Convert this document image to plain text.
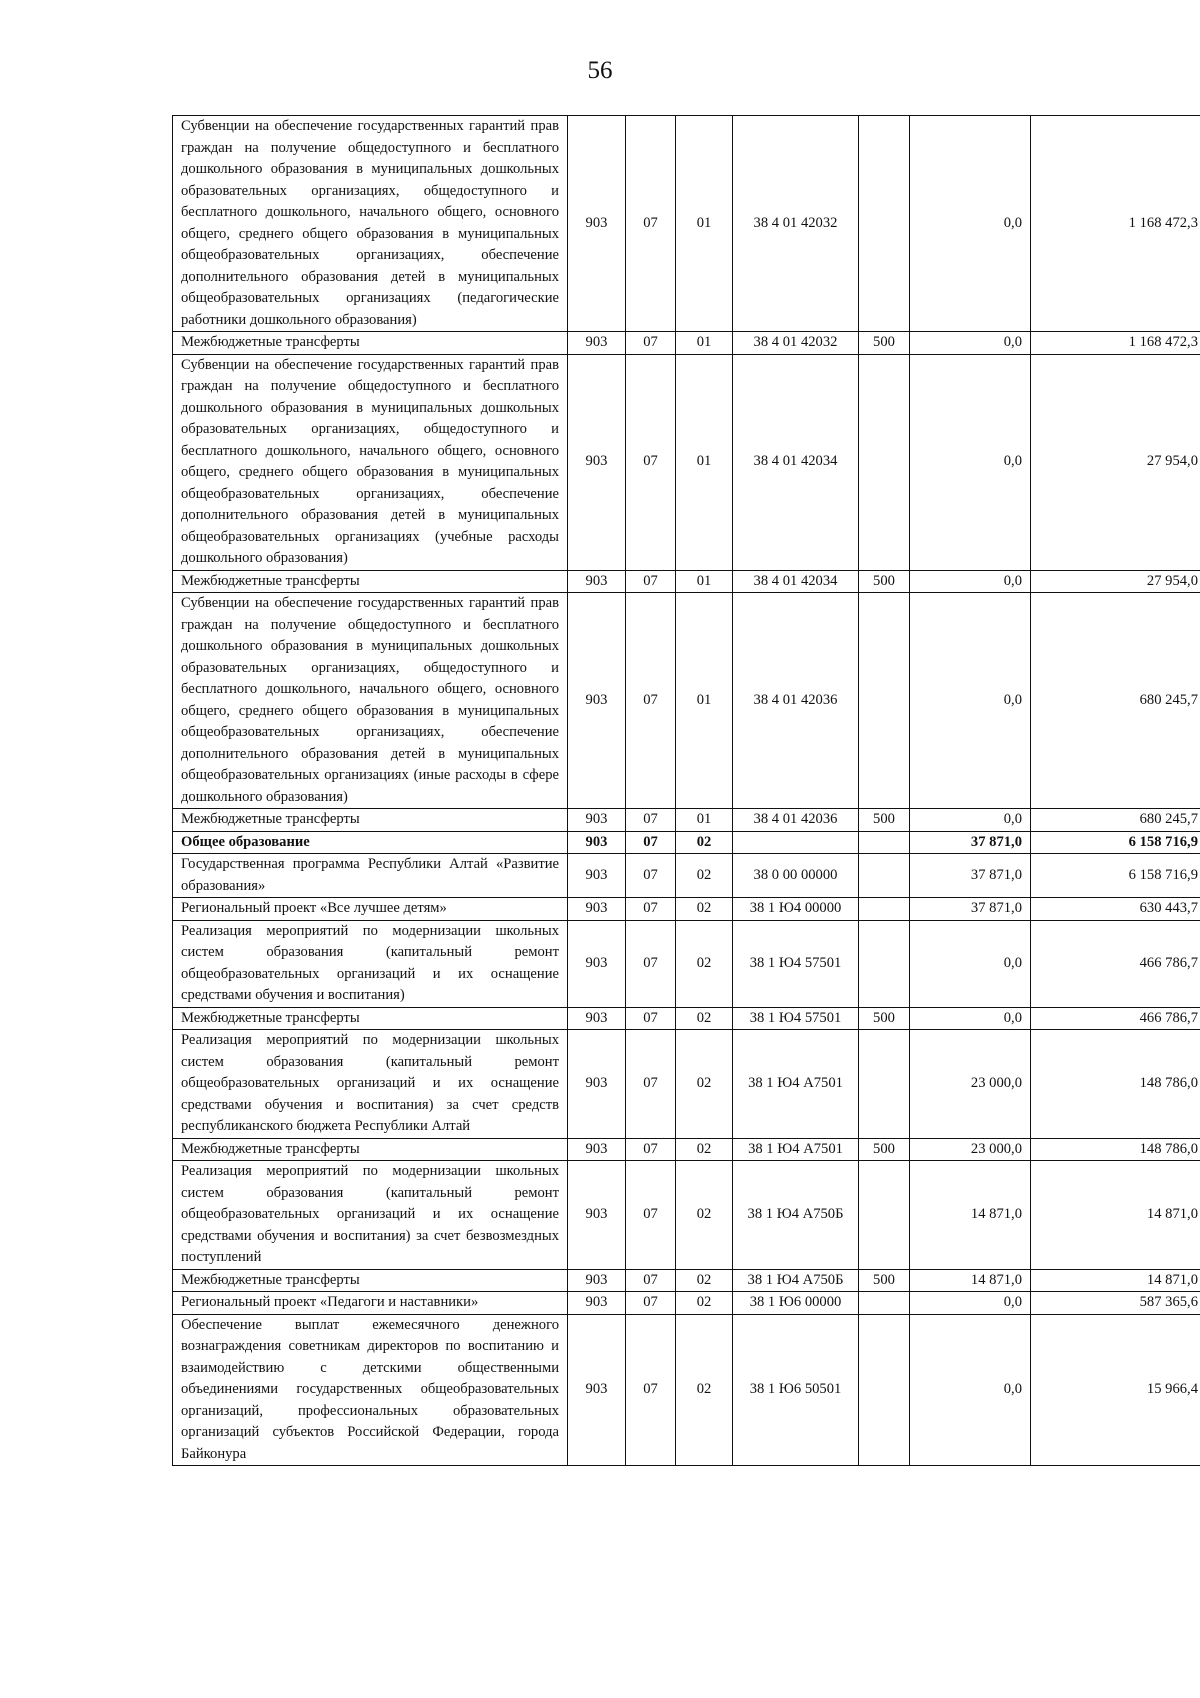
56
Субвенции на обеспечение государственных гарантий прав граждан на получение общедоступного и бесплатного дошкольного образования в муниципальных дошкольных образовательных организациях, общедоступного и бесплатного дошкольного, начального общего, основного общего, среднего общего образования в муниципальных общеобразовательных организациях, обеспечение дополнительного образования детей в муниципальных общеобразовательных организациях (педагогические работники дошкольного образования)	903	07	01	38 4 01 42032		0,0	1 168 472,3
Межбюджетные трансферты	903	07	01	38 4 01 42032	500	0,0	1 168 472,3
Субвенции на обеспечение государственных гарантий прав граждан на получение общедоступного и бесплатного дошкольного образования в муниципальных дошкольных образовательных организациях, общедоступного и бесплатного дошкольного, начального общего, основного общего, среднего общего образования в муниципальных общеобразовательных организациях, обеспечение дополнительного образования детей в муниципальных общеобразовательных организациях (учебные расходы дошкольного образования)	903	07	01	38 4 01 42034		0,0	27 954,0
Межбюджетные трансферты	903	07	01	38 4 01 42034	500	0,0	27 954,0
Субвенции на обеспечение государственных гарантий прав граждан на получение общедоступного и бесплатного дошкольного образования в муниципальных дошкольных образовательных организациях, общедоступного и бесплатного дошкольного, начального общего, основного общего, среднего общего образования в муниципальных общеобразовательных организациях, обеспечение дополнительного образования детей в муниципальных общеобразовательных организациях (иные расходы в сфере дошкольного образования)	903	07	01	38 4 01 42036		0,0	680 245,7
Межбюджетные трансферты	903	07	01	38 4 01 42036	500	0,0	680 245,7
Общее образование	903	07	02			37 871,0	6 158 716,9
Государственная программа Республики Алтай «Развитие образования»	903	07	02	38 0 00 00000		37 871,0	6 158 716,9
Региональный проект «Все лучшее детям»	903	07	02	38 1 Ю4 00000		37 871,0	630 443,7
Реализация мероприятий по модернизации школьных систем образования (капитальный ремонт общеобразовательных организаций и их оснащение средствами обучения и воспитания)	903	07	02	38 1 Ю4 57501		0,0	466 786,7
Межбюджетные трансферты	903	07	02	38 1 Ю4 57501	500	0,0	466 786,7
Реализация мероприятий по модернизации школьных систем образования (капитальный ремонт общеобразовательных организаций и их оснащение средствами обучения и воспитания) за счет средств республиканского бюджета Республики Алтай	903	07	02	38 1 Ю4 А7501		23 000,0	148 786,0
Межбюджетные трансферты	903	07	02	38 1 Ю4 А7501	500	23 000,0	148 786,0
Реализация мероприятий по модернизации школьных систем образования (капитальный ремонт общеобразовательных организаций и их оснащение средствами обучения и воспитания) за счет безвозмездных поступлений	903	07	02	38 1 Ю4 А750Б		14 871,0	14 871,0
Межбюджетные трансферты	903	07	02	38 1 Ю4 А750Б	500	14 871,0	14 871,0
Региональный проект «Педагоги и наставники»	903	07	02	38 1 Ю6 00000		0,0	587 365,6
Обеспечение выплат ежемесячного денежного вознаграждения советникам директоров по воспитанию и взаимодействию с детскими общественными объединениями государственных общеобразовательных организаций, профессиональных образовательных организаций субъектов Российской Федерации, города Байконура	903	07	02	38 1 Ю6 50501		0,0	15 966,4
